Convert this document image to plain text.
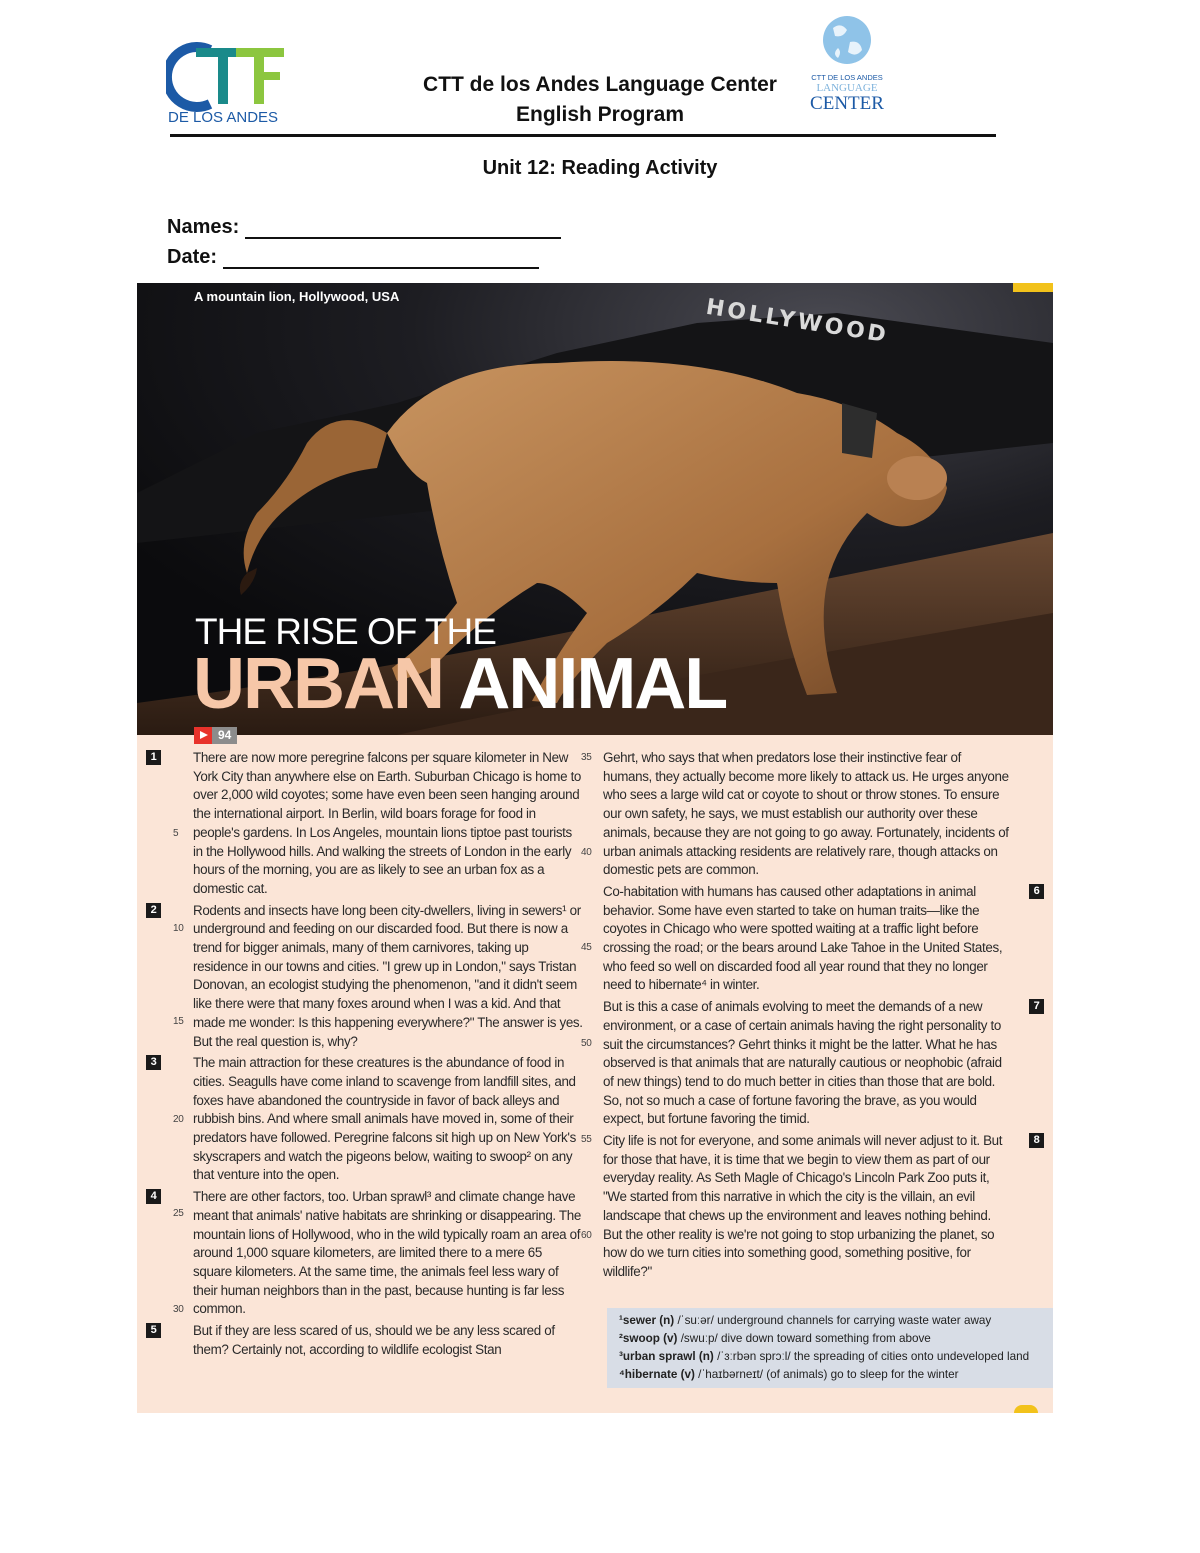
DE LOS ANDES
CTT DE LOS ANDES
LANGUAGE
CENTER
CTT de los Andes Language Center
English Program
Unit 12: Reading Activity
Names:
Date:
A mountain lion, Hollywood, USA	HOLLYWOOD
THE RISE OF THE
URBAN ANIMAL
94

1	There are now more peregrine falcons per square kilometer in New York City than anywhere else on Earth. Suburban Chicago is home to over 2,000 wild coyotes; some have even been seen hanging around the international airport. In Berlin, wild boars forage for food in people's gardens. In Los Angeles, mountain lions tiptoe past tourists in the Hollywood hills. And walking the streets of London in the early hours of the morning, you are as likely to see an urban fox as a domestic cat.

2	Rodents and insects have long been city-dwellers, living in sewers¹ or underground and feeding on our discarded food. But there is now a trend for bigger animals, many of them carnivores, taking up residence in our towns and cities. "I grew up in London," says Tristan Donovan, an ecologist studying the phenomenon, "and it didn't seem like there were that many foxes around when I was a kid. And that made me wonder: Is this happening everywhere?" The answer is yes. But the real question is, why?

3	The main attraction for these creatures is the abundance of food in cities. Seagulls have come inland to scavenge from landfill sites, and foxes have abandoned the countryside in favor of back alleys and rubbish bins. And where small animals have moved in, some of their predators have followed. Peregrine falcons sit high up on New York's skyscrapers and watch the pigeons below, waiting to swoop² on any that venture into the open.

4	There are other factors, too. Urban sprawl³ and climate change have meant that animals' native habitats are shrinking or disappearing. The mountain lions of Hollywood, who in the wild typically roam an area of around 1,000 square kilometers, are limited there to a mere 65 square kilometers. At the same time, the animals feel less wary of their human neighbors than in the past, because hunting is far less common.

5	But if they are less scared of us, should we be any less scared of them? Certainly not, according to wildlife ecologist Stan

5
10
15
20
25
30

Gehrt, who says that when predators lose their instinctive fear of humans, they actually become more likely to attack us. He urges anyone who sees a large wild cat or coyote to shout or throw stones. To ensure our own safety, he says, we must establish our authority over these animals, because they are not going to go away. Fortunately, incidents of urban animals attacking residents are relatively rare, though attacks on domestic pets are common.

6
Co-habitation with humans has caused other adaptations in animal behavior. Some have even started to take on human traits—like the coyotes in Chicago who were spotted waiting at a traffic light before crossing the road; or the bears around Lake Tahoe in the United States, who feed so well on discarded food all year round that they no longer need to hibernate⁴ in winter.

7
But is this a case of animals evolving to meet the demands of a new environment, or a case of certain animals having the right personality to suit the circumstances? Gehrt thinks it might be the latter. What he has observed is that animals that are naturally cautious or neophobic (afraid of new things) tend to do much better in cities than those that are bold. So, not so much a case of fortune favoring the brave, as you would expect, but fortune favoring the timid.

8
City life is not for everyone, and some animals will never adjust to it. But for those that have, it is time that we begin to view them as part of our everyday reality. As Seth Magle of Chicago's Lincoln Park Zoo puts it, "We started from this narrative in which the city is the villain, an evil landscape that chews up the environment and leaves nothing behind. But the other reality is we're not going to stop urbanizing the planet, so how do we turn cities into something good, something positive, for wildlife?"

35
40
45
50
55
60
¹sewer (n) /ˈsuːər/ underground channels for carrying waste water away
²swoop (v) /swuːp/ dive down toward something from above
³urban sprawl (n) /ˈɜːrbən sprɔːl/ the spreading of cities onto undeveloped land
⁴hibernate (v) /ˈhaɪbərneɪt/ (of animals) go to sleep for the winter
